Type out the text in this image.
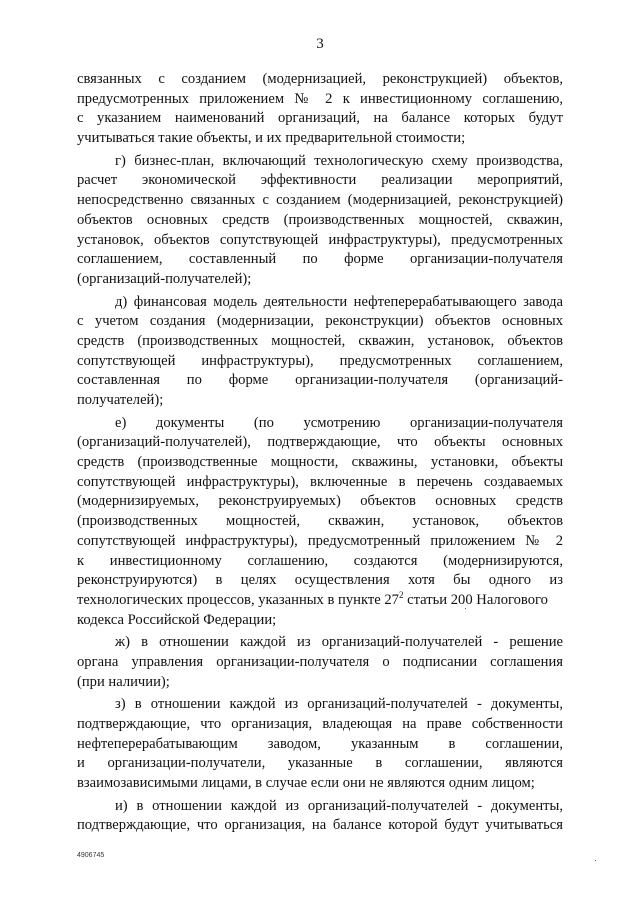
3
связанных с созданием (модернизацией, реконструкцией) объектов,
предусмотренных приложением № 2 к инвестиционному соглашению,
с указанием наименований организаций, на балансе которых будут
учитываться такие объекты, и их предварительной стоимости;
г) бизнес-план, включающий технологическую схему производства,
расчет экономической эффективности реализации мероприятий,
непосредственно связанных с созданием (модернизацией, реконструкцией)
объектов основных средств (производственных мощностей, скважин,
установок, объектов сопутствующей инфраструктуры), предусмотренных
соглашением, составленный по форме организации-получателя
(организаций-получателей);
д) финансовая модель деятельности нефтеперерабатывающего завода
с учетом создания (модернизации, реконструкции) объектов основных
средств (производственных мощностей, скважин, установок, объектов
сопутствующей инфраструктуры), предусмотренных соглашением,
составленная по форме организации-получателя (организаций-
получателей);
е) документы (по усмотрению организации-получателя
(организаций-получателей), подтверждающие, что объекты основных
средств (производственные мощности, скважины, установки, объекты
сопутствующей инфраструктуры), включенные в перечень создаваемых
(модернизируемых, реконструируемых) объектов основных средств
(производственных мощностей, скважин, установок, объектов
сопутствующей инфраструктуры), предусмотренный приложением № 2
к инвестиционному соглашению, создаются (модернизируются,
реконструируются) в целях осуществления хотя бы одного из
технологических процессов, указанных в пункте $27^2$ статьи 200 Налогового
кодекса Российской Федерации;
ж) в отношении каждой из организаций-получателей - решение
органа управления организации-получателя о подписании соглашения
(при наличии);
з) в отношении каждой из организаций-получателей - документы,
подтверждающие, что организация, владеющая на праве собственности
нефтеперерабатывающим заводом, указанным в соглашении,
и организации-получатели, указанные в соглашении, являются
взаимозависимыми лицами, в случае если они не являются одним лицом;
и) в отношении каждой из организаций-получателей - документы,
подтверждающие, что организация, на балансе которой будут учитываться
4906745
